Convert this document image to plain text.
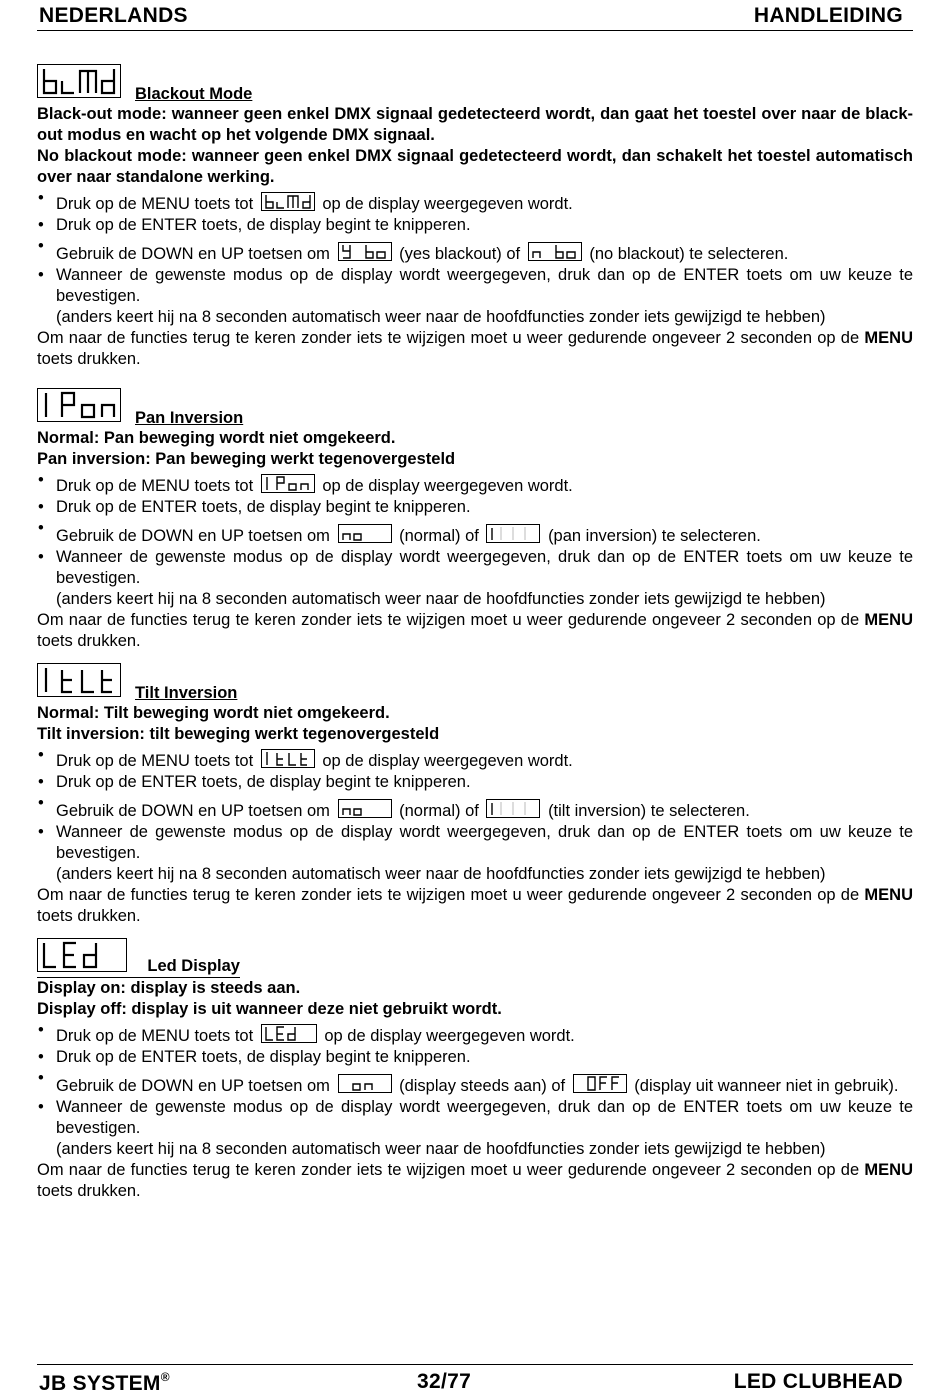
NEDERLANDS	HANDLEIDING
Blackout Mode

Black-out mode: wanneer geen enkel DMX signaal gedetecteerd wordt, dan gaat het toestel over naar de black-out modus en wacht op het volgende DMX signaal.

No blackout mode: wanneer geen enkel DMX signaal gedetecteerd wordt, dan schakelt het toestel automatisch over naar standalone werking.

• Druk op de MENU toets tot	op de display weergegeven wordt.
• Druk op de ENTER toets, de display begint te knipperen.
• Gebruik de DOWN en UP toetsen om	(yes blackout) of	(no blackout) te selecteren.
• Wanneer de gewenste modus op de display wordt weergegeven, druk dan op de ENTER toets om uw keuze te bevestigen.

(anders keert hij na 8 seconden automatisch weer naar de hoofdfuncties zonder iets gewijzigd te hebben)

Om naar de functies terug te keren zonder iets te wijzigen moet u weer gedurende ongeveer 2 seconden op de MENU toets drukken.

Pan Inversion

Normal: Pan beweging wordt niet omgekeerd.

Pan inversion: Pan beweging werkt tegenovergesteld

• Druk op de MENU toets tot	op de display weergegeven wordt.
• Druk op de ENTER toets, de display begint te knipperen.
• Gebruik de DOWN en UP toetsen om	(normal) of	(pan inversion) te selecteren.
• Wanneer de gewenste modus op de display wordt weergegeven, druk dan op de ENTER toets om uw keuze te bevestigen.

(anders keert hij na 8 seconden automatisch weer naar de hoofdfuncties zonder iets gewijzigd te hebben)

Om naar de functies terug te keren zonder iets te wijzigen moet u weer gedurende ongeveer 2 seconden op de MENU toets drukken.

Tilt Inversion

Normal: Tilt beweging wordt niet omgekeerd.

Tilt inversion: tilt beweging werkt tegenovergesteld

• Druk op de MENU toets tot	op de display weergegeven wordt.
• Druk op de ENTER toets, de display begint te knipperen.
• Gebruik de DOWN en UP toetsen om	(normal) of	(tilt inversion) te selecteren.
• Wanneer de gewenste modus op de display wordt weergegeven, druk dan op de ENTER toets om uw keuze te bevestigen.

(anders keert hij na 8 seconden automatisch weer naar de hoofdfuncties zonder iets gewijzigd te hebben)

Om naar de functies terug te keren zonder iets te wijzigen moet u weer gedurende ongeveer 2 seconden op de MENU toets drukken.

Led Display

Display on: display is steeds aan.

Display off: display is uit wanneer deze niet gebruikt wordt.

• Druk op de MENU toets tot	op de display weergegeven wordt.
• Druk op de ENTER toets, de display begint te knipperen.
• Gebruik de DOWN en UP toetsen om	(display steeds aan) of	(display uit wanneer niet in gebruik).
• Wanneer de gewenste modus op de display wordt weergegeven, druk dan op de ENTER toets om uw keuze te bevestigen.

(anders keert hij na 8 seconden automatisch weer naar de hoofdfuncties zonder iets gewijzigd te hebben)

Om naar de functies terug te keren zonder iets te wijzigen moet u weer gedurende ongeveer 2 seconden op de MENU toets drukken.

JB SYSTEM®	32/77	LED CLUBHEAD
